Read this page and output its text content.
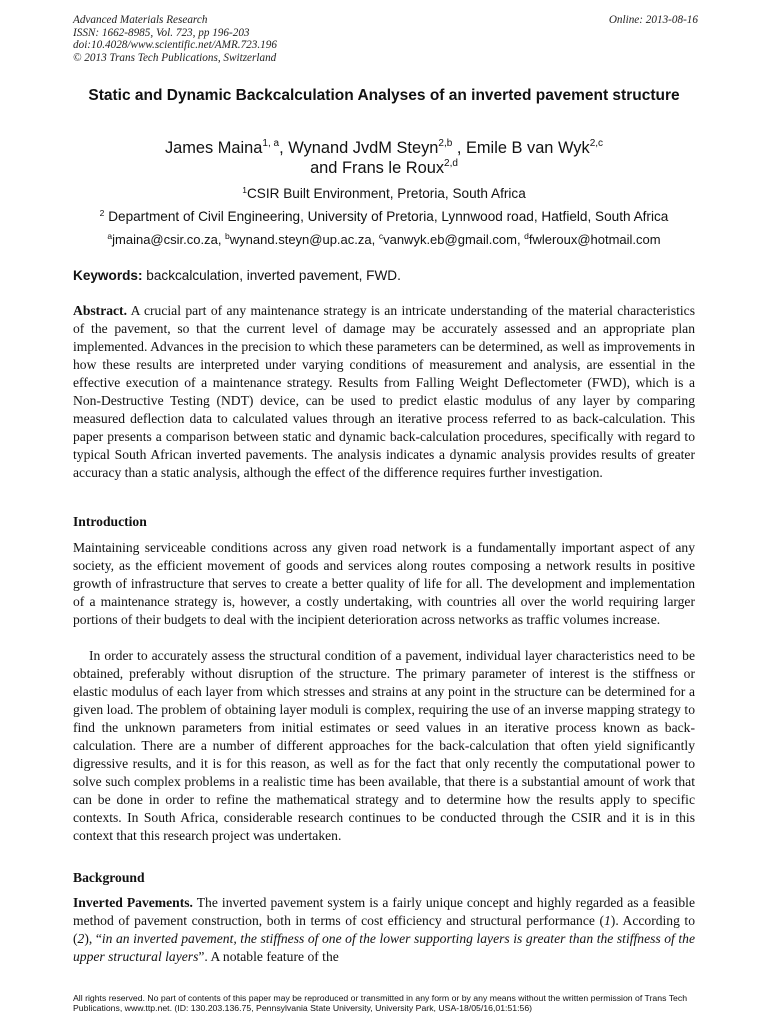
Advanced Materials Research
ISSN: 1662-8985, Vol. 723, pp 196-203
doi:10.4028/www.scientific.net/AMR.723.196
© 2013 Trans Tech Publications, Switzerland
Online: 2013-08-16
Static and Dynamic Backcalculation Analyses of an inverted pavement structure
James Maina$^{1, a}$, Wynand JvdM Steyn$^{2,b}$ , Emile B van Wyk$^{2,c}$
and Frans le Roux$^{2,d}$
$^1$CSIR Built Environment, Pretoria, South Africa
$^2$ Department of Civil Engineering, University of Pretoria, Lynnwood road, Hatfield, South Africa
$^a$jmaina@csir.co.za, $^b$wynand.steyn@up.ac.za, $^c$vanwyk.eb@gmail.com, $^d$fwleroux@hotmail.com
Keywords: backcalculation, inverted pavement, FWD.
Abstract. A crucial part of any maintenance strategy is an intricate understanding of the material characteristics of the pavement, so that the current level of damage may be accurately assessed and an appropriate plan implemented. Advances in the precision to which these parameters can be determined, as well as improvements in how these results are interpreted under varying conditions of measurement and analysis, are essential in the effective execution of a maintenance strategy. Results from Falling Weight Deflectometer (FWD), which is a Non-Destructive Testing (NDT) device, can be used to predict elastic modulus of any layer by comparing measured deflection data to calculated values through an iterative process referred to as back-calculation. This paper presents a comparison between static and dynamic back-calculation procedures, specifically with regard to typical South African inverted pavements. The analysis indicates a dynamic analysis provides results of greater accuracy than a static analysis, although the effect of the difference requires further investigation.
Introduction
Maintaining serviceable conditions across any given road network is a fundamentally important aspect of any society, as the efficient movement of goods and services along routes composing a network results in positive growth of infrastructure that serves to create a better quality of life for all. The development and implementation of a maintenance strategy is, however, a costly undertaking, with countries all over the world requiring larger portions of their budgets to deal with the incipient deterioration across networks as traffic volumes increase.
In order to accurately assess the structural condition of a pavement, individual layer characteristics need to be obtained, preferably without disruption of the structure. The primary parameter of interest is the stiffness or elastic modulus of each layer from which stresses and strains at any point in the structure can be determined for a given load. The problem of obtaining layer moduli is complex, requiring the use of an inverse mapping strategy to find the unknown parameters from initial estimates or seed values in an iterative process known as back-calculation. There are a number of different approaches for the back-calculation that often yield significantly digressive results, and it is for this reason, as well as for the fact that only recently the computational power to solve such complex problems in a realistic time has been available, that there is a substantial amount of work that can be done in order to refine the mathematical strategy and to determine how the results apply to specific contexts. In South Africa, considerable research continues to be conducted through the CSIR and it is in this context that this research project was undertaken.
Background
Inverted Pavements. The inverted pavement system is a fairly unique concept and highly regarded as a feasible method of pavement construction, both in terms of cost efficiency and structural performance (1). According to (2), “in an inverted pavement, the stiffness of one of the lower supporting layers is greater than the stiffness of the upper structural layers”. A notable feature of the
All rights reserved. No part of contents of this paper may be reproduced or transmitted in any form or by any means without the written permission of Trans Tech Publications, www.ttp.net. (ID: 130.203.136.75, Pennsylvania State University, University Park, USA-18/05/16,01:51:56)
